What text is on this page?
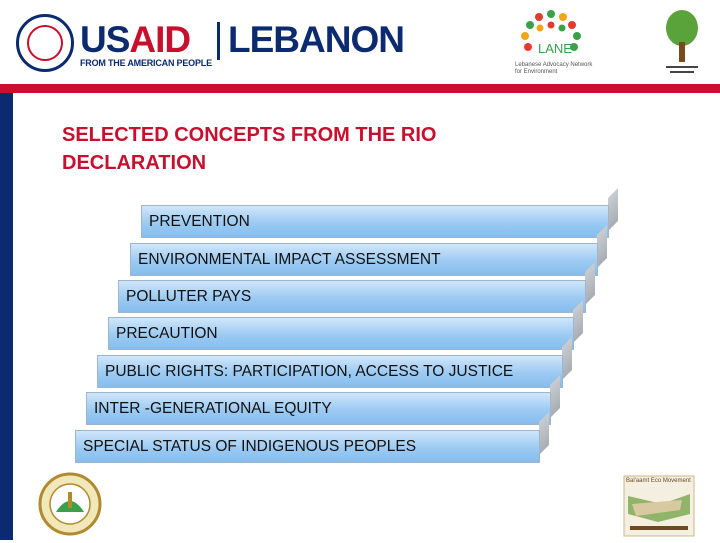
USAID LEBANON
FROM THE AMERICAN PEOPLE
LANE
Lebanese Advocacy Network for Environment
SELECTED CONCEPTS FROM THE RIO
DECLARATION
PREVENTION
ENVIRONMENTAL IMPACT ASSESSMENT
POLLUTER PAYS
PRECAUTION
PUBLIC RIGHTS: PARTICIPATION, ACCESS TO JUSTICE
INTER -GENERATIONAL EQUITY
SPECIAL STATUS OF INDIGENOUS PEOPLES
Bal'aamt Eco Movement
